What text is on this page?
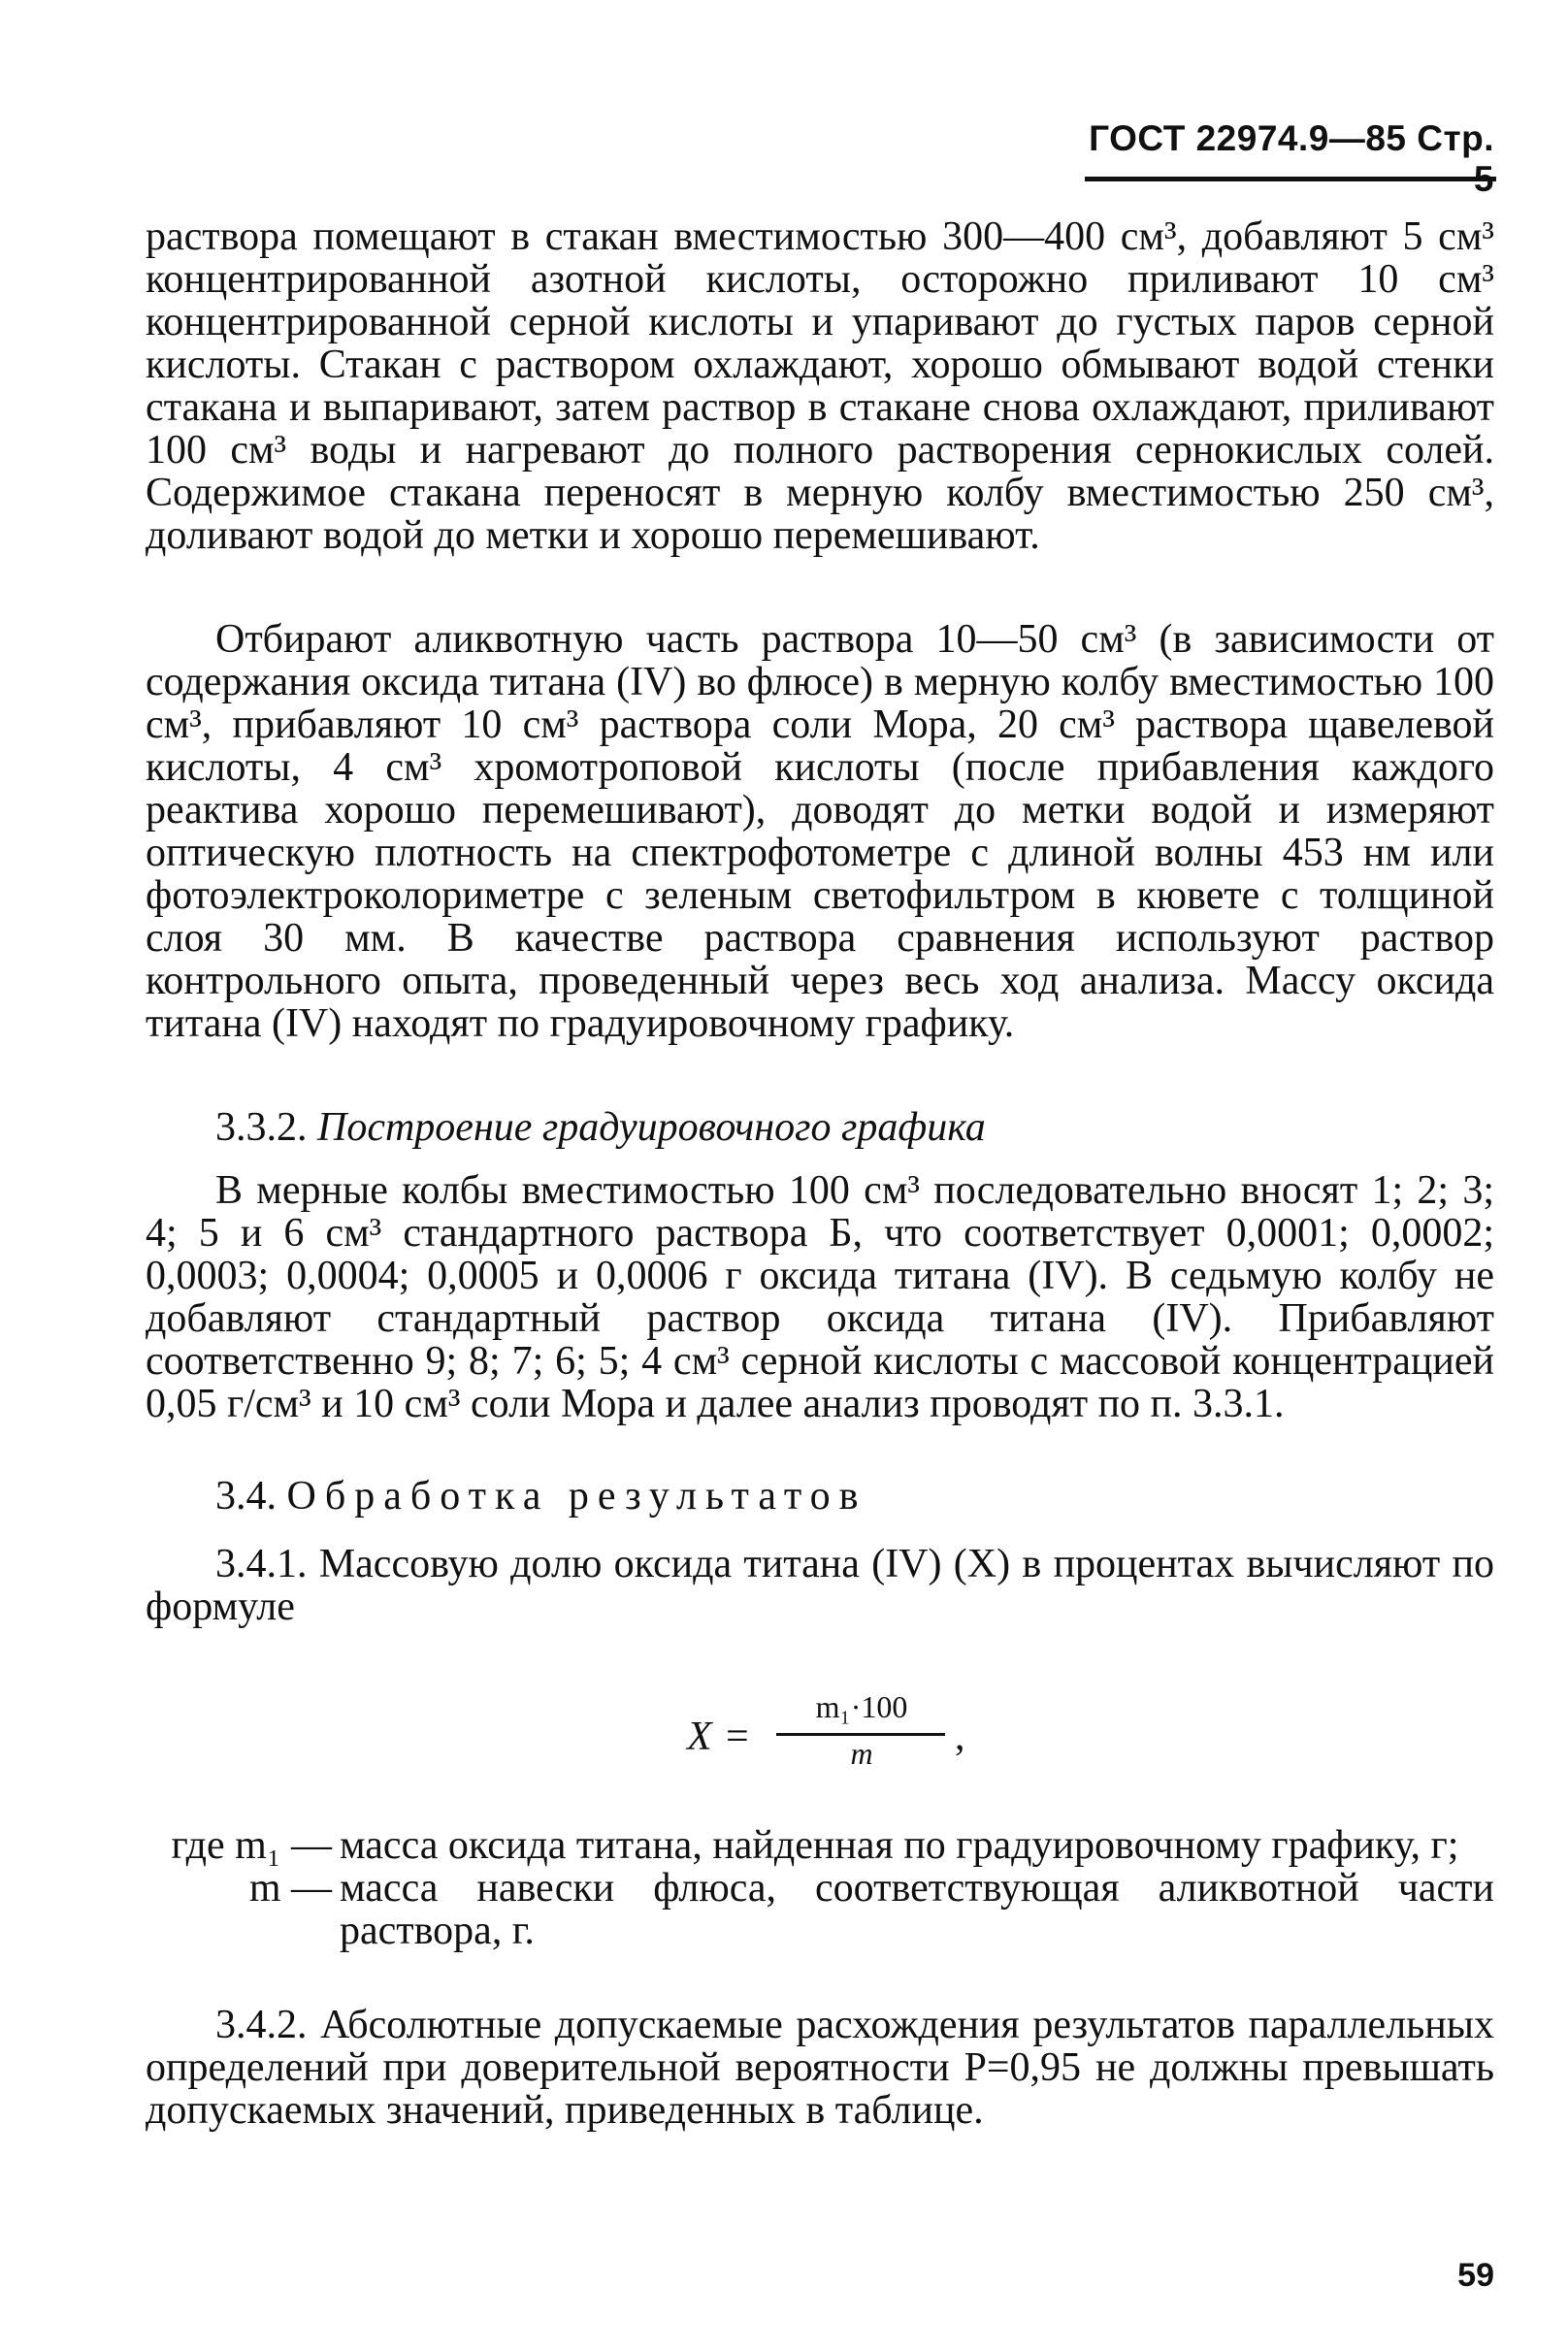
ГОСТ 22974.9—85 Стр.

раствора помещают в стакан вместимостью 300—400 см³, добавляют 5 см³ концентрированной азотной кислоты, осторожно приливают 10 см³ концентрированной серной кислоты и упаривают до густых паров серной кислоты. Стакан с раствором охлаждают, хорошо обмывают водой стенки стакана и выпаривают, затем раствор в стакане снова охлаждают, приливают 100 см³ воды и нагревают до полного растворения сернокислых солей. Содержимое стакана переносят в мерную колбу вместимостью 250 см³, доливают водой до метки и хорошо перемешивают.

Отбирают аликвотную часть раствора 10—50 см³ (в зависимости от содержания оксида титана (IV) во флюсе) в мерную колбу вместимостью 100 см³, прибавляют 10 см³ раствора соли Мора, 20 см³ раствора щавелевой кислоты, 4 см³ хромотроповой кислоты (после прибавления каждого реактива хорошо перемешивают), доводят до метки водой и измеряют оптическую плотность на спектрофотометре с длиной волны 453 нм или фотоэлектроколориметре с зеленым светофильтром в кювете с толщиной слоя 30 мм. В качестве раствора сравнения используют раствор контрольного опыта, проведенный через весь ход анализа. Массу оксида титана (IV) находят по градуировочному графику.

3.3.2. Построение градуировочного графика

В мерные колбы вместимостью 100 см³ последовательно вносят 1; 2; 3; 4; 5 и 6 см³ стандартного раствора Б, что соответствует 0,0001; 0,0002; 0,0003; 0,0004; 0,0005 и 0,0006 г оксида титана (IV). В седьмую колбу не добавляют стандартный раствор оксида титана (IV). Прибавляют соответственно 9; 8; 7; 6; 5; 4 см³ серной кислоты с массовой концентрацией 0,05 г/см³ и 10 см³ соли Мора и далее анализ проводят по п. 3.3.1.

3.4. Обработка результатов

3.4.1. Массовую долю оксида титана (IV) (X) в процентах вычисляют по формуле

X =
m₁·100
m	,
где m₁ — масса оксида титана, найденная по градуировочному графику, г;
m — масса навески флюса, соответствующая аликвотной части раствора, г.

3.4.2. Абсолютные допускаемые расхождения результатов параллельных определений при доверительной вероятности P=0,95 не должны превышать допускаемых значений, приведенных в таблице.

59
